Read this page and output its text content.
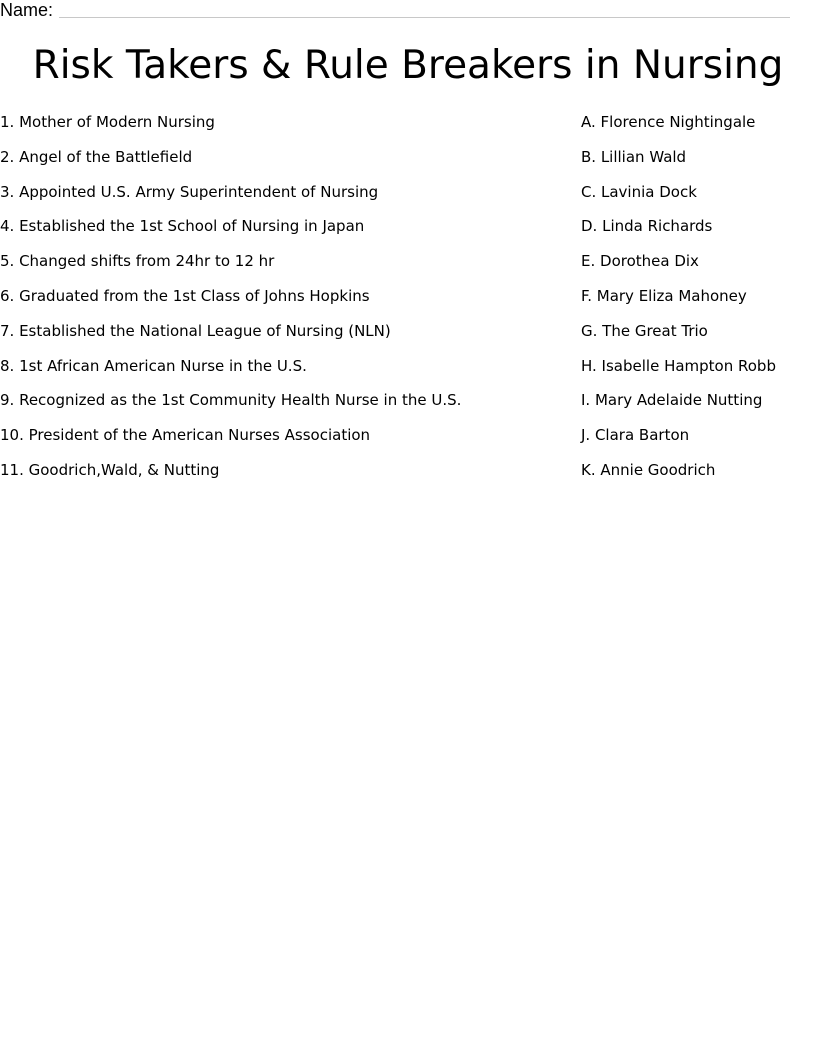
Name:
Risk Takers & Rule Breakers in Nursing
1. Mother of Modern Nursing
2. Angel of the Battlefield
3. Appointed U.S. Army Superintendent of Nursing
4. Established the 1st School of Nursing in Japan
5. Changed shifts from 24hr to 12 hr
6. Graduated from the 1st Class of Johns Hopkins
7. Established the National League of Nursing (NLN)
8. 1st African American Nurse in the U.S.
9. Recognized as the 1st Community Health Nurse in the U.S.
10. President of the American Nurses Association
11. Goodrich,Wald, & Nutting
A. Florence Nightingale
B. Lillian Wald
C. Lavinia Dock
D. Linda Richards
E. Dorothea Dix
F. Mary Eliza Mahoney
G. The Great Trio
H. Isabelle Hampton Robb
I. Mary Adelaide Nutting
J. Clara Barton
K. Annie Goodrich
